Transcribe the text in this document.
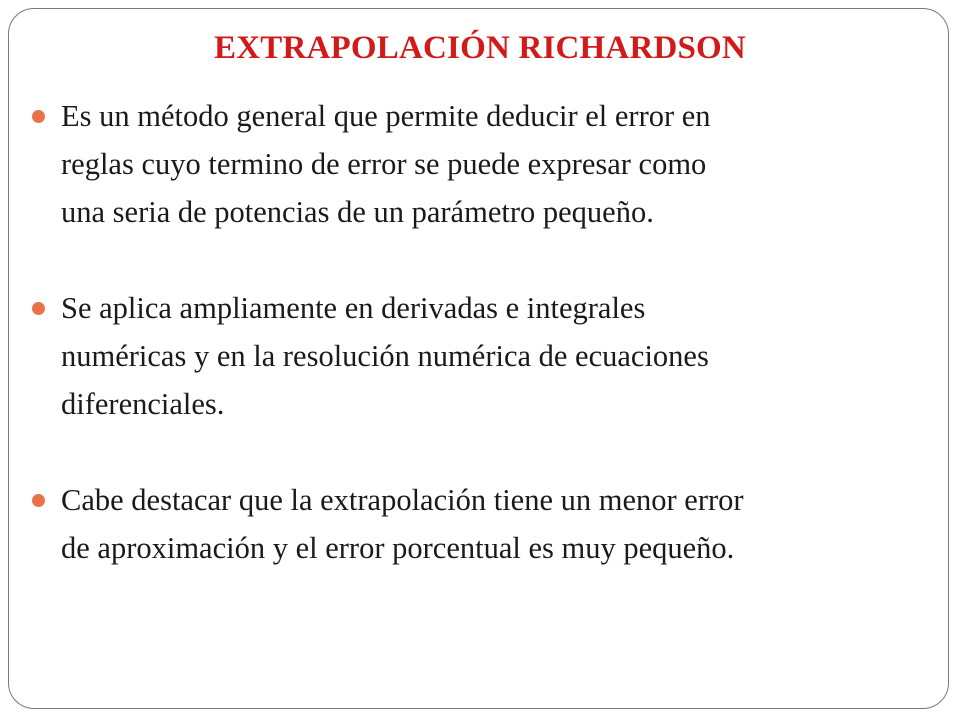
EXTRAPOLACIÓN RICHARDSON
Es un método general que permite deducir el error en
reglas cuyo termino de error se puede expresar como
una seria de potencias de un parámetro pequeño.
Se aplica ampliamente en derivadas e integrales
numéricas y en la resolución numérica de ecuaciones
diferenciales.
Cabe destacar que la extrapolación tiene un menor error
de aproximación y el error porcentual es muy pequeño.
